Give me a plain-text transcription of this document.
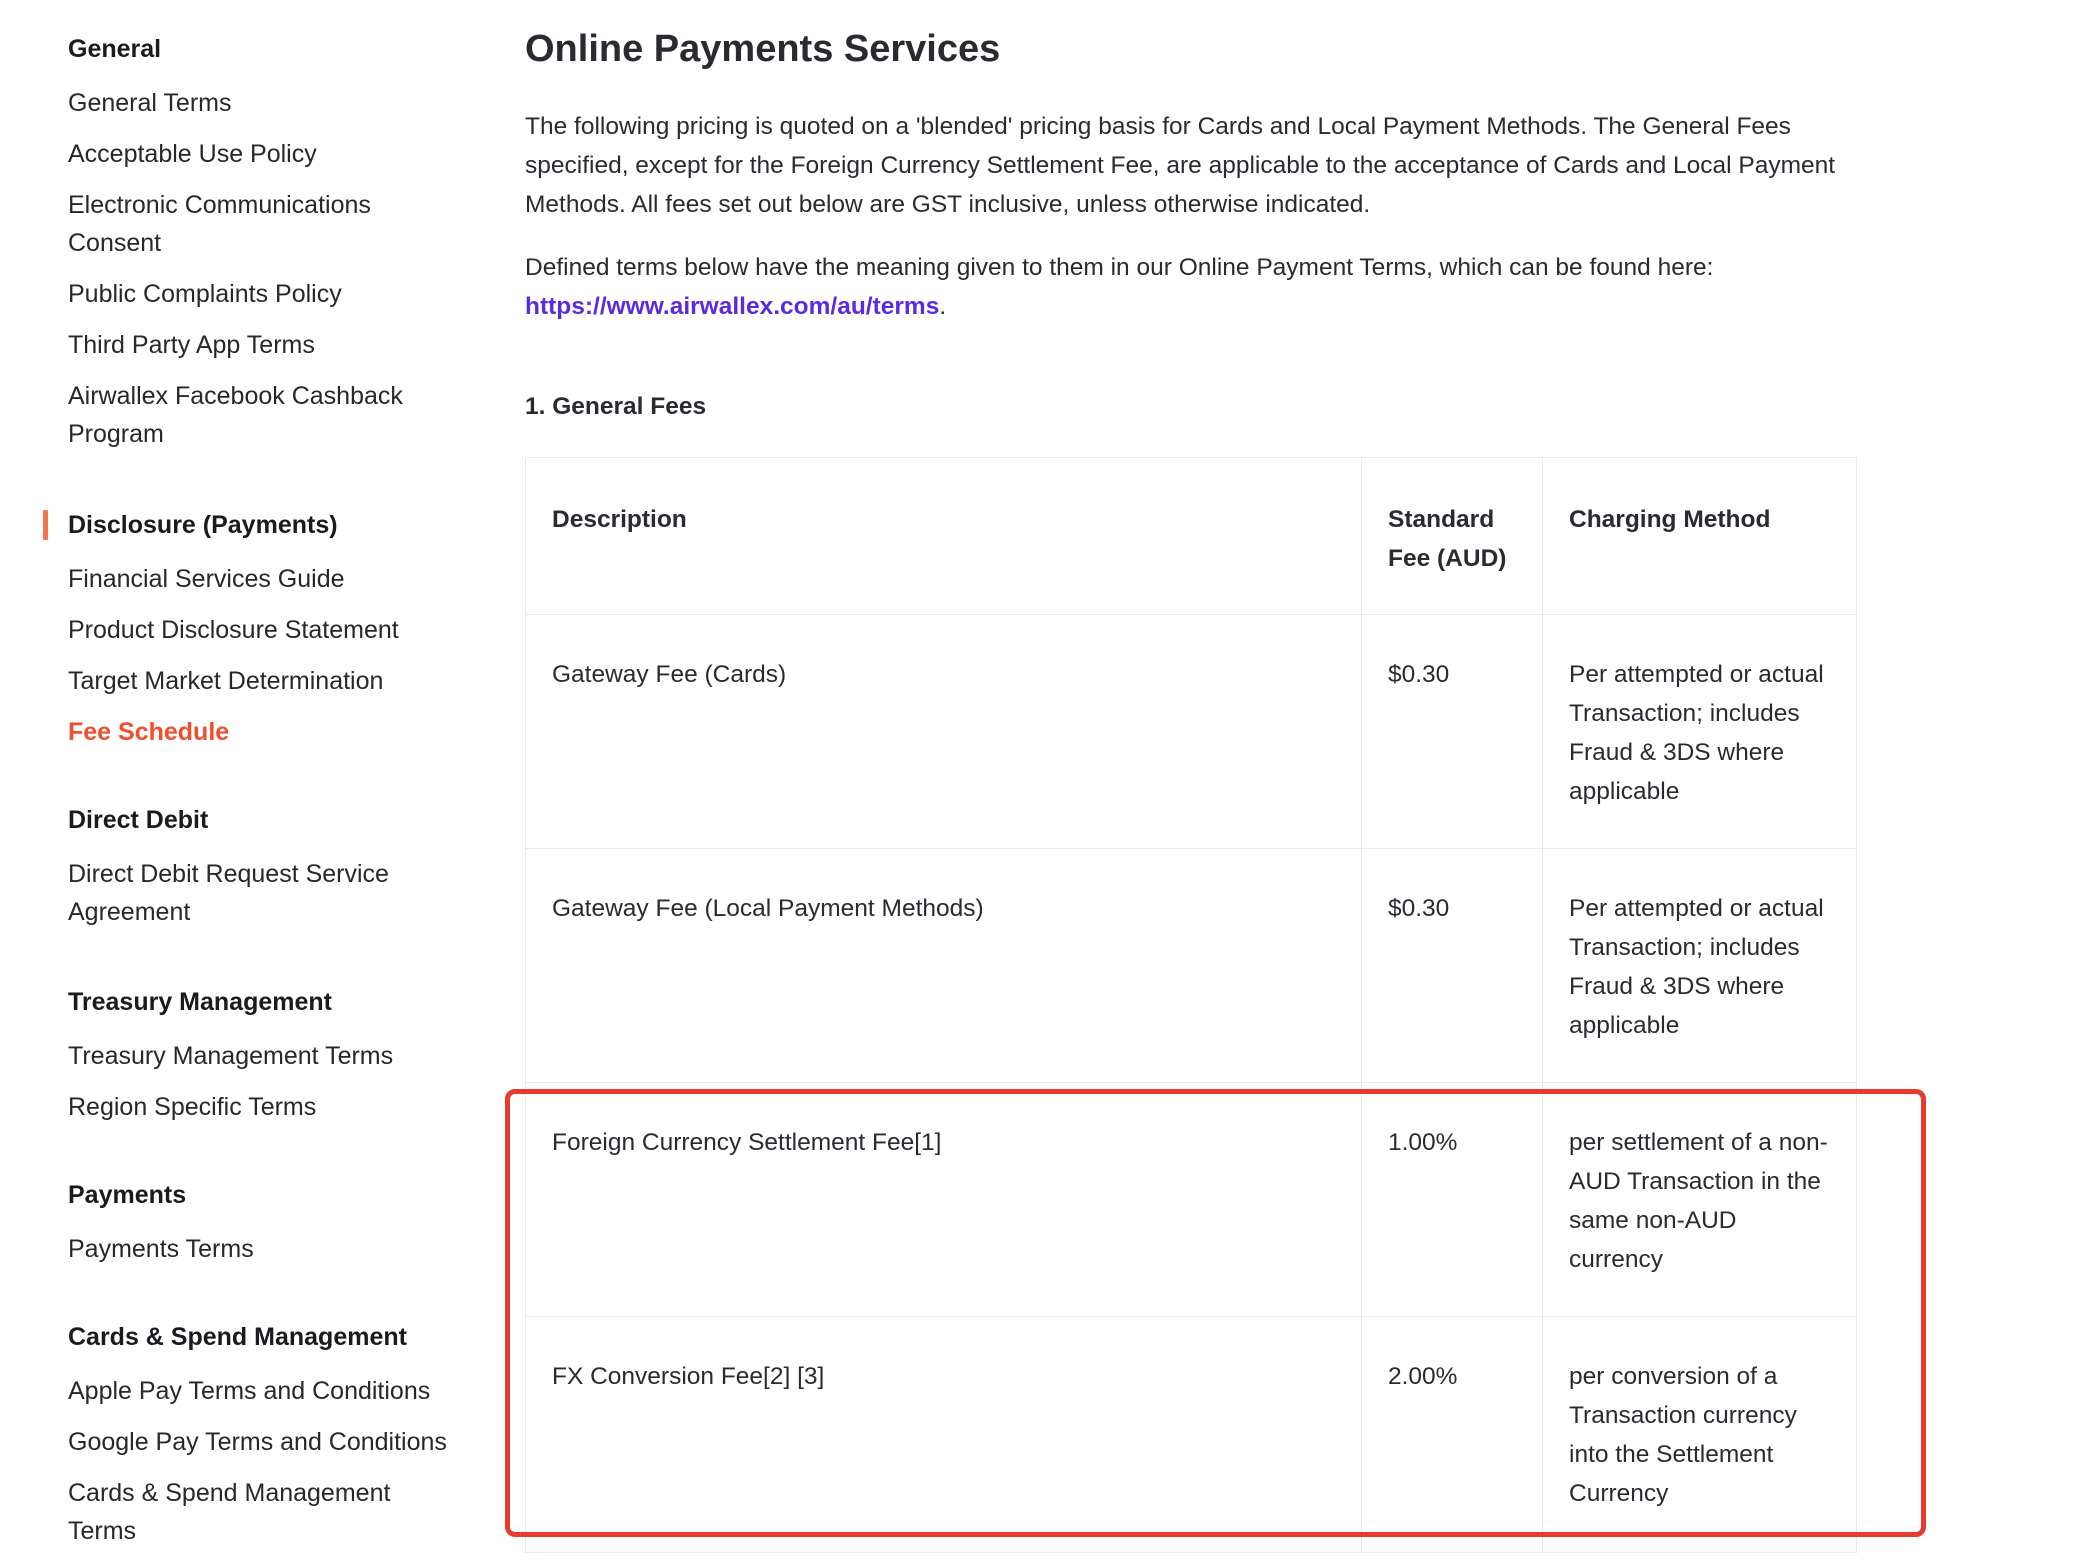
General
General Terms
Acceptable Use Policy
Electronic Communications Consent
Public Complaints Policy
Third Party App Terms
Airwallex Facebook Cashback Program
Disclosure (Payments)
Financial Services Guide
Product Disclosure Statement
Target Market Determination
Fee Schedule
Direct Debit
Direct Debit Request Service Agreement
Treasury Management
Treasury Management Terms
Region Specific Terms
Payments
Payments Terms
Cards & Spend Management
Apple Pay Terms and Conditions
Google Pay Terms and Conditions
Cards & Spend Management Terms
Online Payments Services

The following pricing is quoted on a 'blended' pricing basis for Cards and Local Payment Methods. The General Fees specified, except for the Foreign Currency Settlement Fee, are applicable to the acceptance of Cards and Local Payment Methods. All fees set out below are GST inclusive, unless otherwise indicated.

Defined terms below have the meaning given to them in our Online Payment Terms, which can be found here: https://www.airwallex.com/au/terms.

1. General Fees
Description	Standard Fee (AUD)	Charging Method
Gateway Fee (Cards)	$0.30	Per attempted or actual Transaction; includes Fraud & 3DS where applicable
Gateway Fee (Local Payment Methods)	$0.30	Per attempted or actual Transaction; includes Fraud & 3DS where applicable
Foreign Currency Settlement Fee[1]	1.00%	per settlement of a non-AUD Transaction in the same non-AUD currency
FX Conversion Fee[2] [3]	2.00%	per conversion of a Transaction currency into the Settlement Currency
